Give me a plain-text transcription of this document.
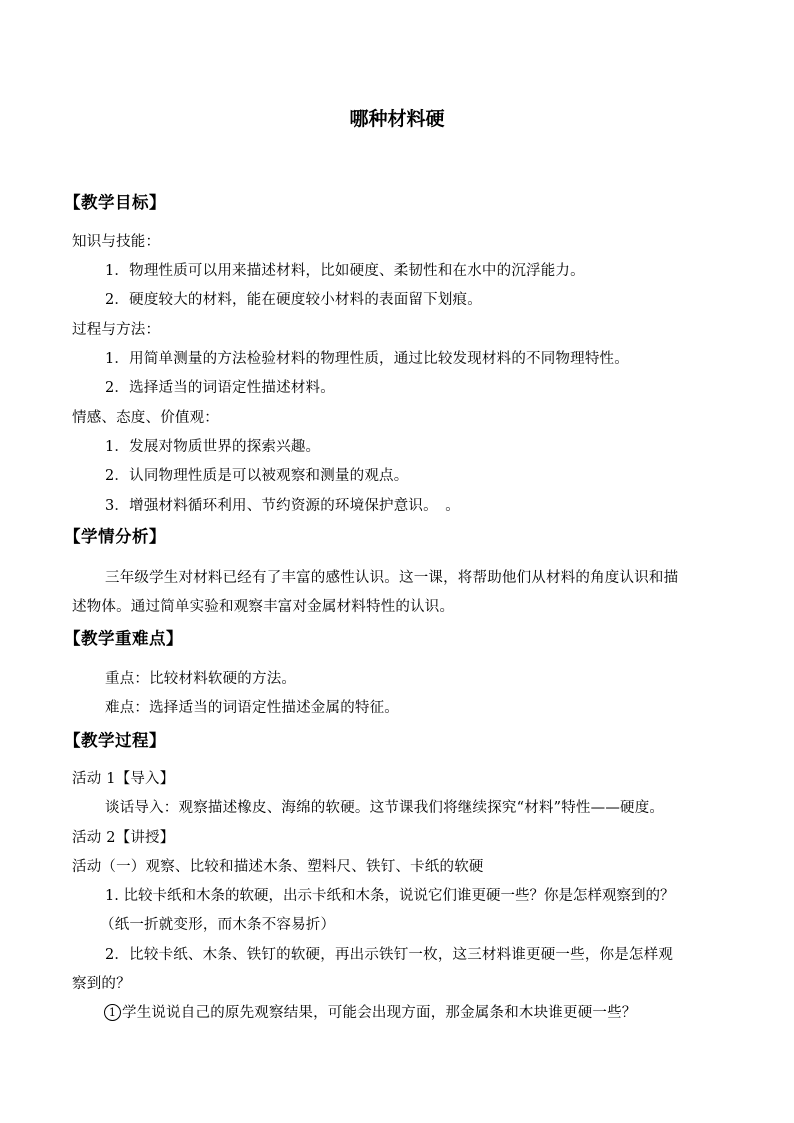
哪种材料硬
【教学目标】
知识与技能：
1．物理性质可以用来描述材料，比如硬度、柔韧性和在水中的沉浮能力。
2．硬度较大的材料，能在硬度较小材料的表面留下划痕。
过程与方法：
1．用简单测量的方法检验材料的物理性质，通过比较发现材料的不同物理特性。
2．选择适当的词语定性描述材料。
情感、态度、价值观：
1．发展对物质世界的探索兴趣。
2．认同物理性质是可以被观察和测量的观点。
3．增强材料循环利用、节约资源的环境保护意识。　。
【学情分析】
三年级学生对材料已经有了丰富的感性认识。这一课，将帮助他们从材料的角度认识和描
述物体。通过简单实验和观察丰富对金属材料特性的认识。
【教学重难点】
重点：比较材料软硬的方法。
难点：选择适当的词语定性描述金属的特征。
【教学过程】
活动 1【导入】
谈话导入：观察描述橡皮、海绵的软硬。这节课我们将继续探究“材料”特性——硬度。
活动 2【讲授】
活动（一）观察、比较和描述木条、塑料尺、铁钉、卡纸的软硬
1. 比较卡纸和木条的软硬，出示卡纸和木条，说说它们谁更硬一些？你是怎样观察到的？
（纸一折就变形，而木条不容易折）
2．比较卡纸、木条、铁钉的软硬，再出示铁钉一枚，这三材料谁更硬一些，你是怎样观
察到的？
1 学生说说自己的原先观察结果，可能会出现方面，那金属条和木块谁更硬一些？
